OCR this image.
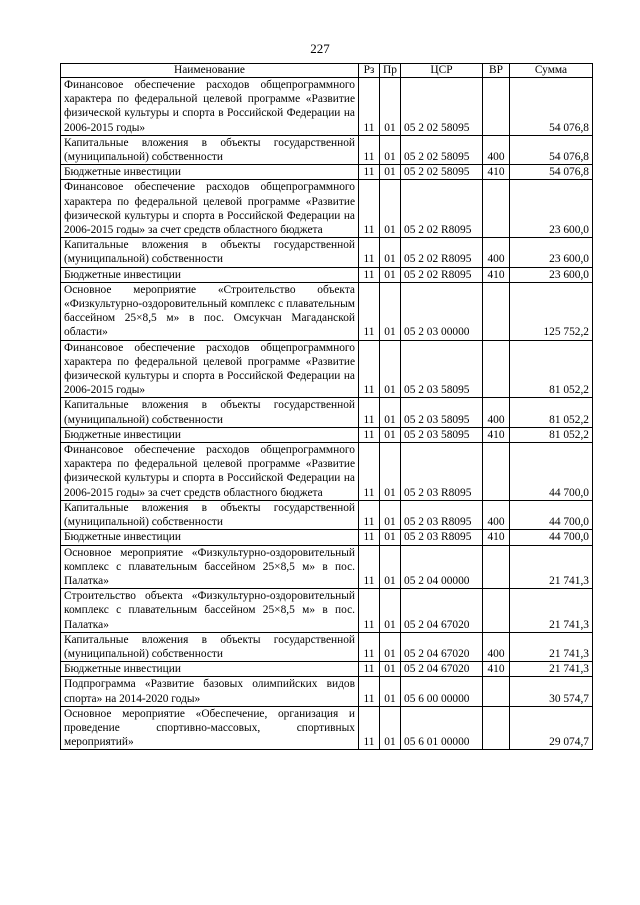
227
Наименование	Рз	Пр	ЦСР	ВР	Сумма
Финансовое обеспечение расходов общепрограммного характера по федеральной целевой программе «Развитие физической культуры и спорта в Российской Федерации на 2006-2015 годы»	11	01	05 2 02 58095		54 076,8
Капитальные вложения в объекты государственной (муниципальной) собственности	11	01	05 2 02 58095	400	54 076,8
Бюджетные инвестиции	11	01	05 2 02 58095	410	54 076,8
Финансовое обеспечение расходов общепрограммного характера по федеральной целевой программе «Развитие физической культуры и спорта в Российской Федерации на 2006-2015 годы» за счет средств областного бюджета	11	01	05 2 02 R8095		23 600,0
Капитальные вложения в объекты государственной (муниципальной) собственности	11	01	05 2 02 R8095	400	23 600,0
Бюджетные инвестиции	11	01	05 2 02 R8095	410	23 600,0
Основное мероприятие «Строительство объекта «Физкультурно-оздоровительный комплекс с плавательным бассейном 25×8,5 м» в пос. Омсукчан Магаданской области»	11	01	05 2 03 00000		125 752,2
Финансовое обеспечение расходов общепрограммного характера по федеральной целевой программе «Развитие физической культуры и спорта в Российской Федерации на 2006-2015 годы»	11	01	05 2 03 58095		81 052,2
Капитальные вложения в объекты государственной (муниципальной) собственности	11	01	05 2 03 58095	400	81 052,2
Бюджетные инвестиции	11	01	05 2 03 58095	410	81 052,2
Финансовое обеспечение расходов общепрограммного характера по федеральной целевой программе «Развитие физической культуры и спорта в Российской Федерации на 2006-2015 годы» за счет средств областного бюджета	11	01	05 2 03 R8095		44 700,0
Капитальные вложения в объекты государственной (муниципальной) собственности	11	01	05 2 03 R8095	400	44 700,0
Бюджетные инвестиции	11	01	05 2 03 R8095	410	44 700,0
Основное мероприятие «Физкультурно-оздоровительный комплекс с плавательным бассейном 25×8,5 м» в пос. Палатка»	11	01	05 2 04 00000		21 741,3
Строительство объекта «Физкультурно-оздоровительный комплекс с плавательным бассейном 25×8,5 м» в пос. Палатка»	11	01	05 2 04 67020		21 741,3
Капитальные вложения в объекты государственной (муниципальной) собственности	11	01	05 2 04 67020	400	21 741,3
Бюджетные инвестиции	11	01	05 2 04 67020	410	21 741,3
Подпрограмма «Развитие базовых олимпийских видов спорта» на 2014-2020 годы»	11	01	05 6 00 00000		30 574,7
Основное мероприятие «Обеспечение, организация и проведение спортивно-массовых, спортивных мероприятий»	11	01	05 6 01 00000		29 074,7
